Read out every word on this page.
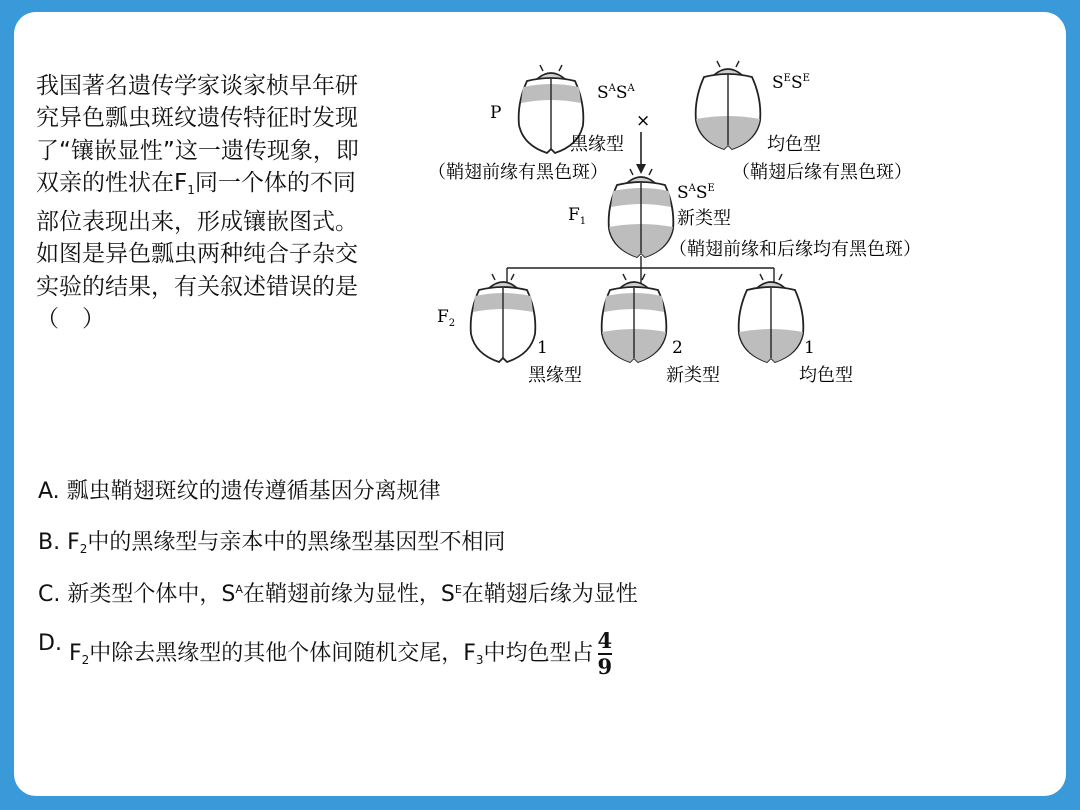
我国著名遗传学家谈家桢早年研究异色瓢虫斑纹遗传特征时发现了“镶嵌显性”这一遗传现象，即双亲的性状在$F_1$同一个体的不同部位表现出来，形成镶嵌图式。如图是异色瓢虫两种纯合子杂交实验的结果，有关叙述错误的是（　）
P
$S^AS^A$
×
黑缘型
（鞘翅前缘有黑色斑）
$S^ES^E$
均色型
（鞘翅后缘有黑色斑）
$F_1$
$S^AS^E$
新类型
（鞘翅前缘和后缘均有黑色斑）
$F_2$
1	2	1
黑缘型	新类型	均色型
A. 瓢虫鞘翅斑纹的遗传遵循基因分离规律
B. $F_2$中的黑缘型与亲本中的黑缘型基因型不相同
C. 新类型个体中，$S^A$在鞘翅前缘为显性，$S^E$在鞘翅后缘为显性
D. $F_2$中除去黑缘型的其他个体间随机交尾，$F_3$中均色型占 $\frac{4}{9}$
